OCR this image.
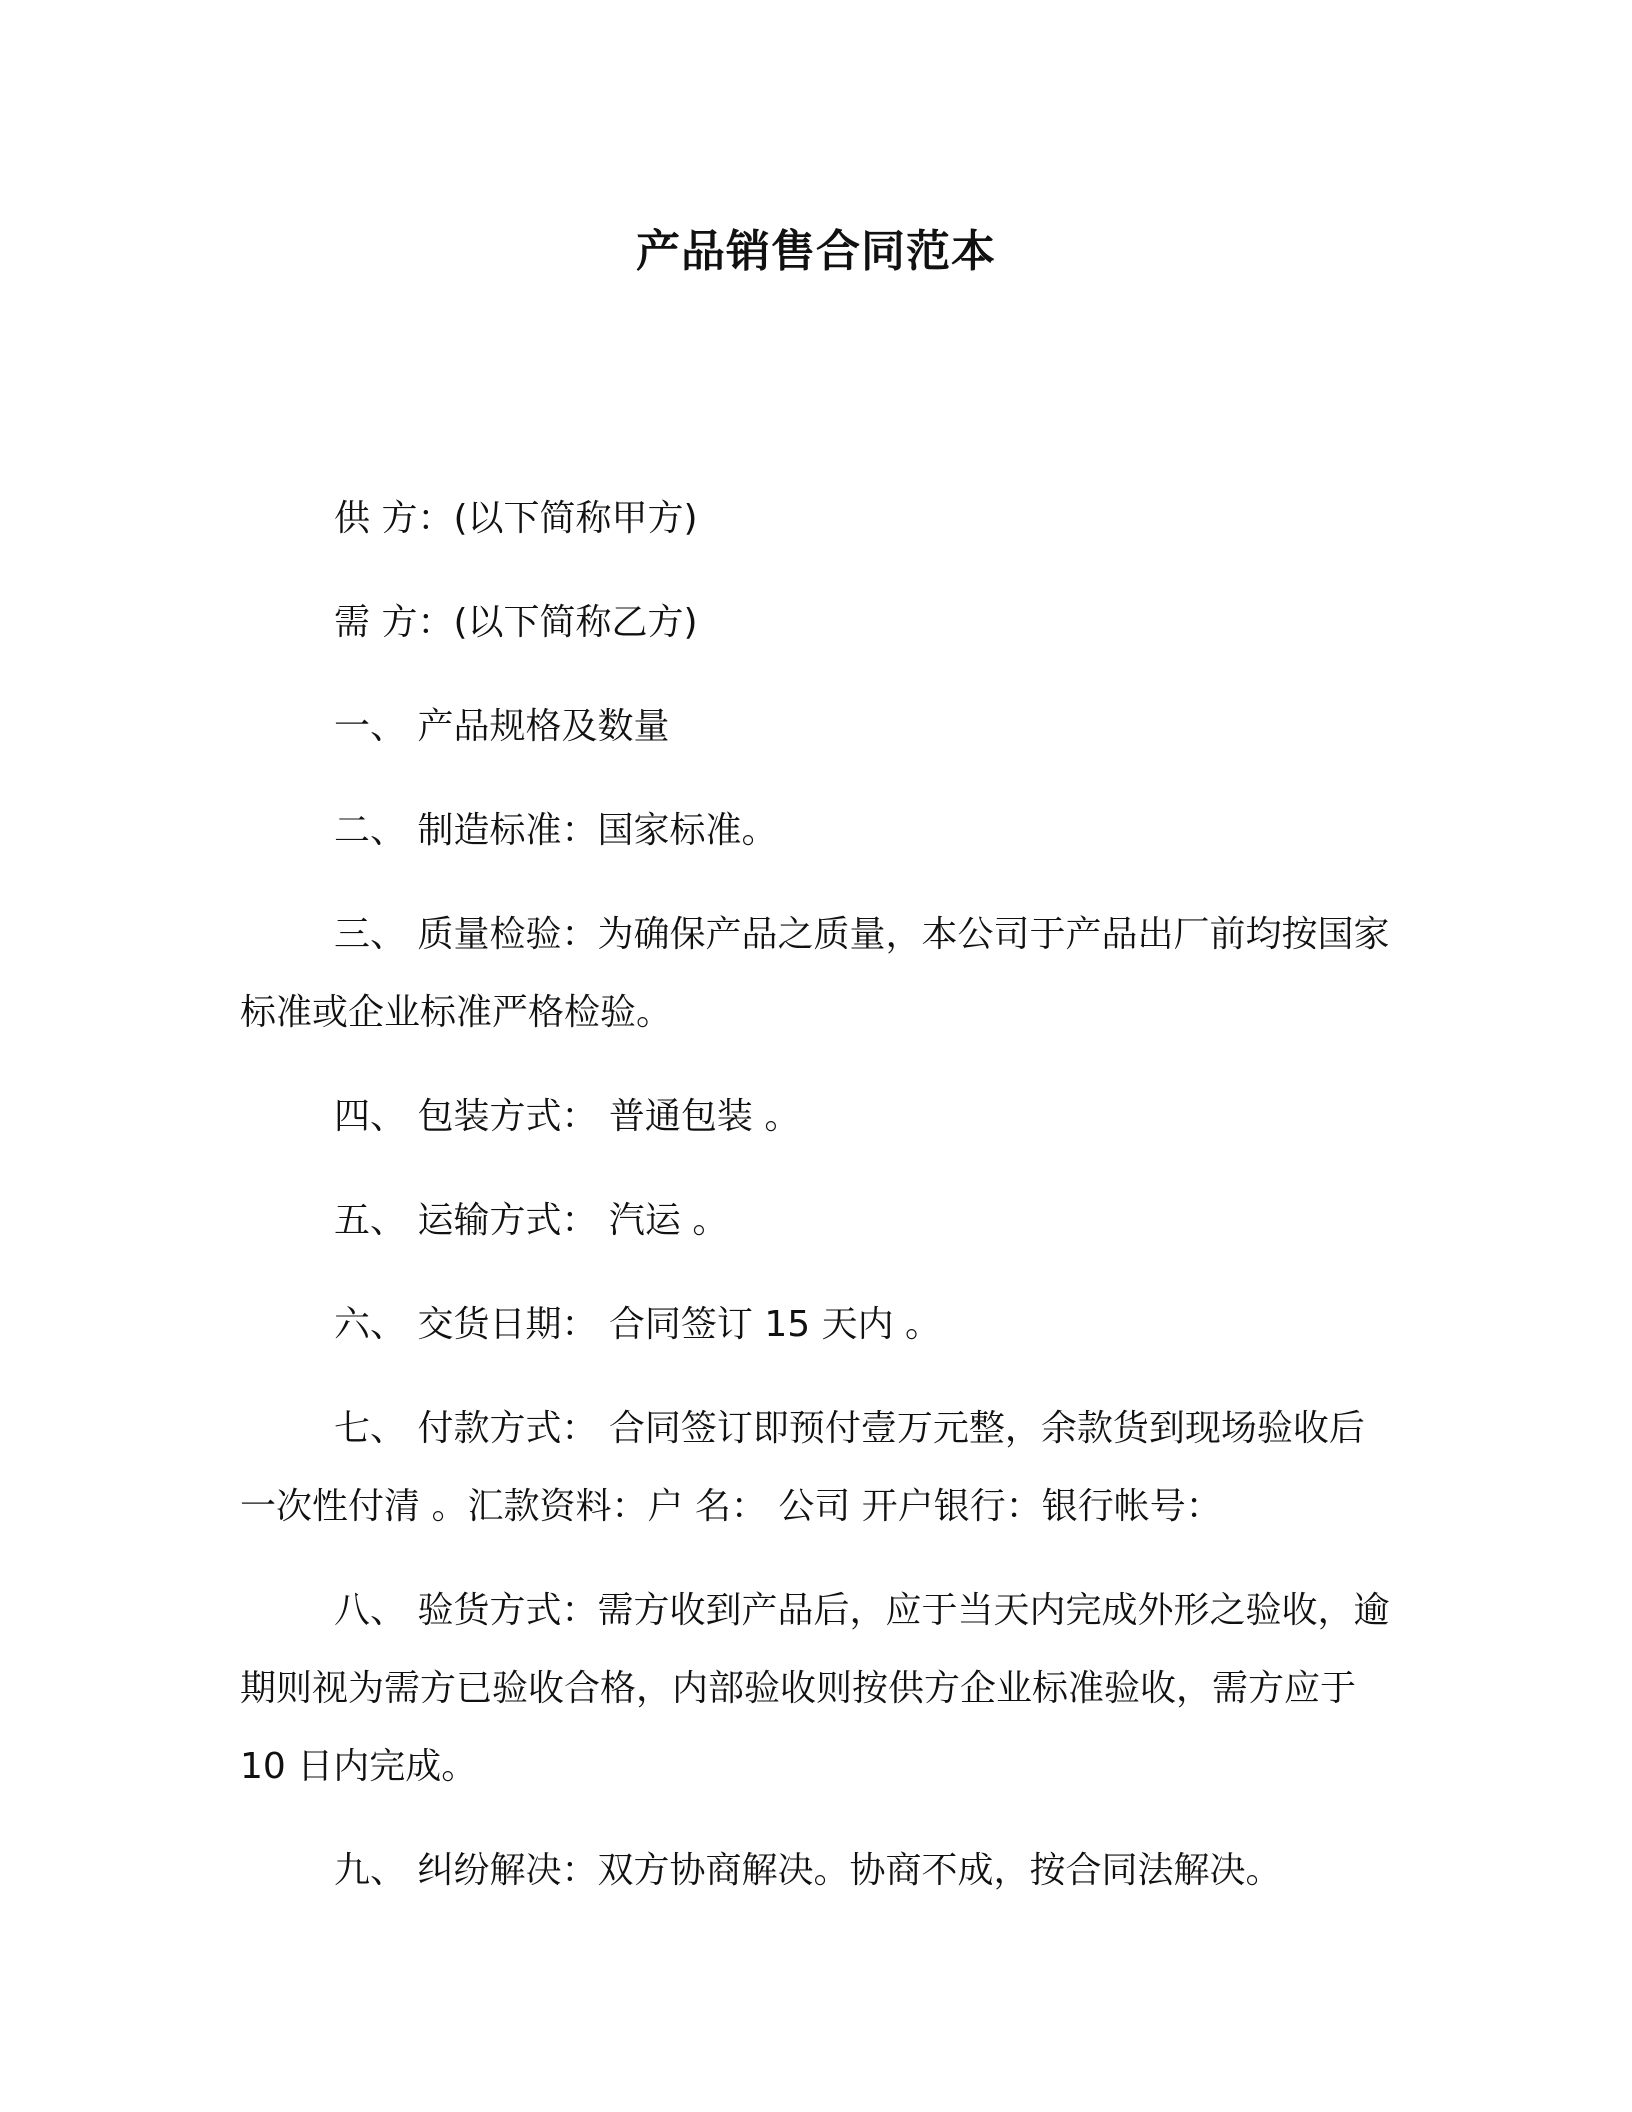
产品销售合同范本

供 方：(以下简称甲方)

需 方：(以下简称乙方)

一、 产品规格及数量

二、 制造标准：国家标准。

三、 质量检验：为确保产品之质量，本公司于产品出厂前均按国家标准或企业标准严格检验。

四、 包装方式： 普通包装 。

五、 运输方式： 汽运 。

六、 交货日期： 合同签订 15 天内 。

七、 付款方式： 合同签订即预付壹万元整，余款货到现场验收后一次性付清 。汇款资料：户 名： 公司 开户银行：银行帐号：

八、 验货方式：需方收到产品后，应于当天内完成外形之验收，逾期则视为需方已验收合格，内部验收则按供方企业标准验收，需方应于 10 日内完成。

九、 纠纷解决：双方协商解决。协商不成，按合同法解决。
